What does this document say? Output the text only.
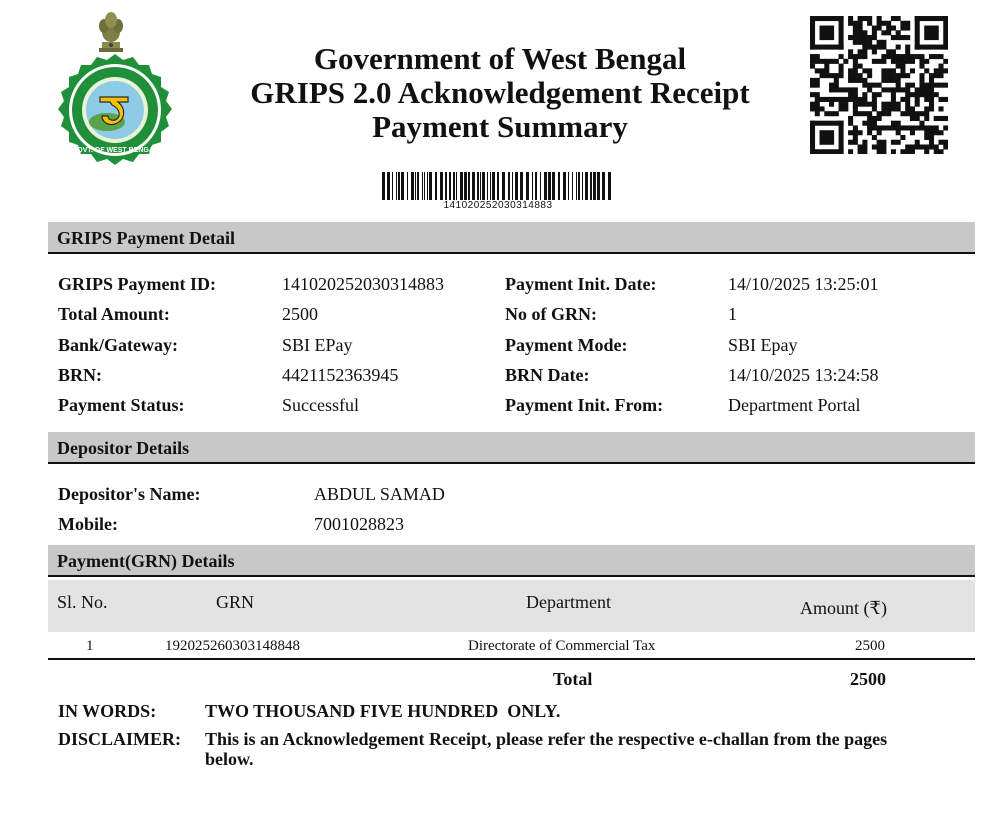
GOVT. OF WEST BENGAL
Government of West Bengal
GRIPS 2.0 Acknowledgement Receipt
Payment Summary
141020252030314883
GRIPS Payment Detail
GRIPS Payment ID:	141020252030314883	Payment Init. Date:	14/10/2025 13:25:01
Total Amount:	2500	No of GRN:	1
Bank/Gateway:	SBI EPay	Payment Mode:	SBI Epay
BRN:	4421152363945	BRN Date:	14/10/2025 13:24:58
Payment Status:	Successful	Payment Init. From:	Department Portal
Depositor Details
Depositor's Name:	ABDUL SAMAD
Mobile:	7001028823
Payment(GRN) Details
Sl. No.	GRN	Department	Amount (₹)
1	192025260303148848	Directorate of Commercial Tax	2500
Total	2500
IN WORDS:	TWO THOUSAND FIVE HUNDRED  ONLY.
DISCLAIMER: This is an Acknowledgement Receipt, please refer the respective e-challan from the pages below.
